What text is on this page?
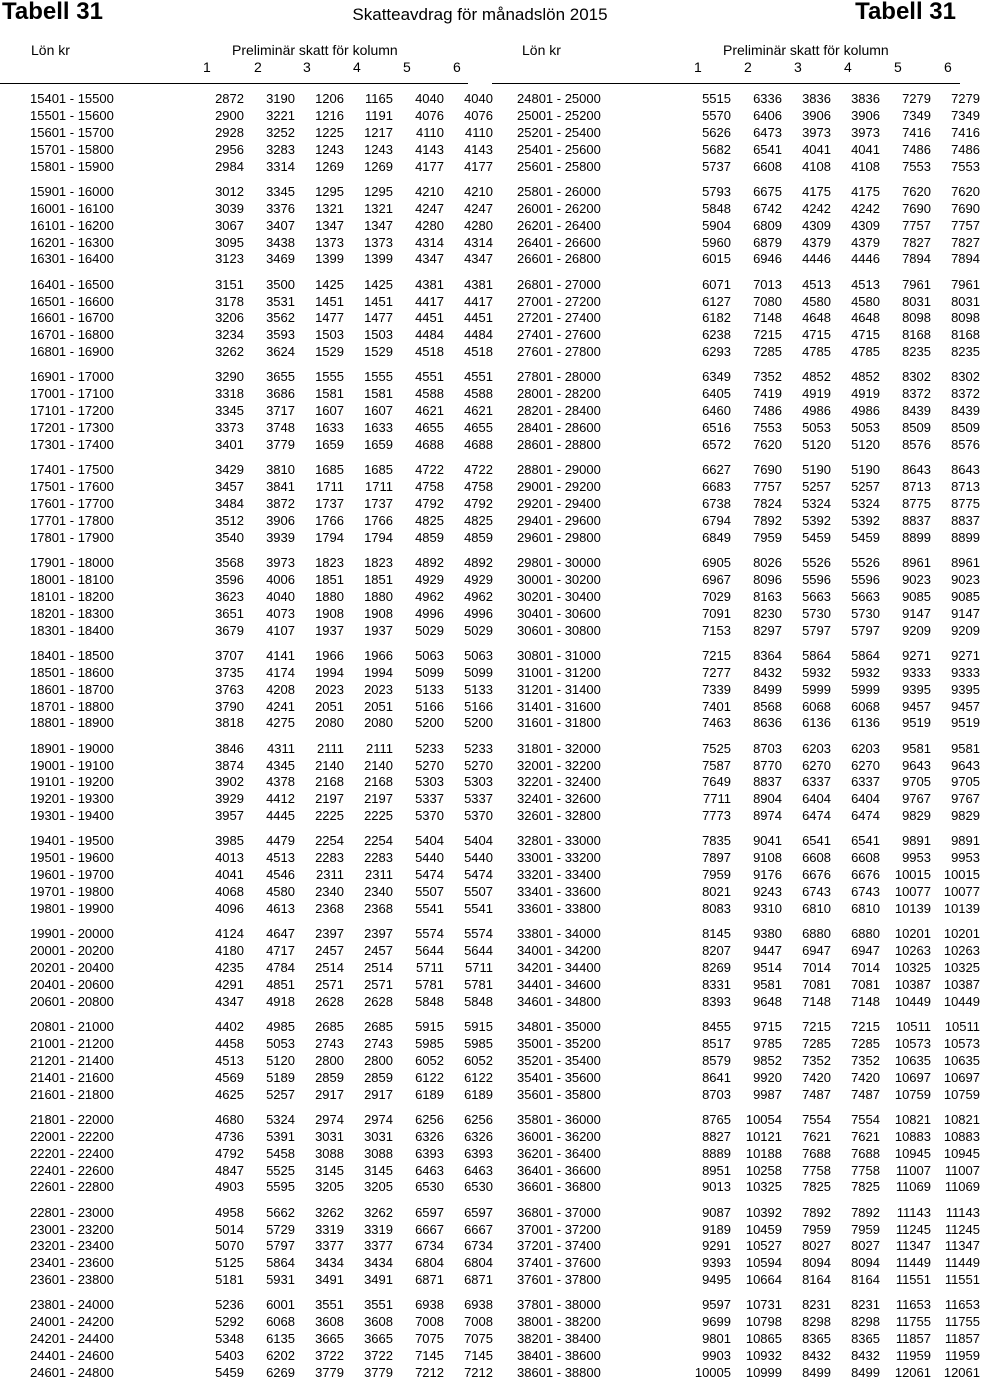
Tabell 31	Skatteavdrag för månadslön 2015	Tabell 31
Lön kr	Preliminär skatt för kolumn
1	2	3	4	5	6
Lön kr	Preliminär skatt för kolumn
1	2	3	4	5	6
15401 - 15500	2872 3190 1206 1165 4040 4040
15501 - 15600	2900 3221 1216 1191 4076 4076
15601 - 15700	2928 3252 1225 1217 4110 4110
15701 - 15800	2956 3283 1243 1243 4143 4143
15801 - 15900	2984 3314 1269 1269 4177 4177
15901 - 16000	3012 3345 1295 1295 4210 4210
16001 - 16100	3039 3376 1321 1321 4247 4247
16101 - 16200	3067 3407 1347 1347 4280 4280
16201 - 16300	3095 3438 1373 1373 4314 4314
16301 - 16400	3123 3469 1399 1399 4347 4347
16401 - 16500	3151 3500 1425 1425 4381 4381
16501 - 16600	3178 3531 1451 1451 4417 4417
16601 - 16700	3206 3562 1477 1477 4451 4451
16701 - 16800	3234 3593 1503 1503 4484 4484
16801 - 16900	3262 3624 1529 1529 4518 4518
16901 - 17000	3290 3655 1555 1555 4551 4551
17001 - 17100	3318 3686 1581 1581 4588 4588
17101 - 17200	3345 3717 1607 1607 4621 4621
17201 - 17300	3373 3748 1633 1633 4655 4655
17301 - 17400	3401 3779 1659 1659 4688 4688
17401 - 17500	3429 3810 1685 1685 4722 4722
17501 - 17600	3457 3841 1711 1711 4758 4758
17601 - 17700	3484 3872 1737 1737 4792 4792
17701 - 17800	3512 3906 1766 1766 4825 4825
17801 - 17900	3540 3939 1794 1794 4859 4859
17901 - 18000	3568 3973 1823 1823 4892 4892
18001 - 18100	3596 4006 1851 1851 4929 4929
18101 - 18200	3623 4040 1880 1880 4962 4962
18201 - 18300	3651 4073 1908 1908 4996 4996
18301 - 18400	3679 4107 1937 1937 5029 5029
18401 - 18500	3707 4141 1966 1966 5063 5063
18501 - 18600	3735 4174 1994 1994 5099 5099
18601 - 18700	3763 4208 2023 2023 5133 5133
18701 - 18800	3790 4241 2051 2051 5166 5166
18801 - 18900	3818 4275 2080 2080 5200 5200
18901 - 19000	3846 4311 2111 2111 5233 5233
19001 - 19100	3874 4345 2140 2140 5270 5270
19101 - 19200	3902 4378 2168 2168 5303 5303
19201 - 19300	3929 4412 2197 2197 5337 5337
19301 - 19400	3957 4445 2225 2225 5370 5370
19401 - 19500	3985 4479 2254 2254 5404 5404
19501 - 19600	4013 4513 2283 2283 5440 5440
19601 - 19700	4041 4546 2311 2311 5474 5474
19701 - 19800	4068 4580 2340 2340 5507 5507
19801 - 19900	4096 4613 2368 2368 5541 5541
19901 - 20000	4124 4647 2397 2397 5574 5574
20001 - 20200	4180 4717 2457 2457 5644 5644
20201 - 20400	4235 4784 2514 2514 5711 5711
20401 - 20600	4291 4851 2571 2571 5781 5781
20601 - 20800	4347 4918 2628 2628 5848 5848
20801 - 21000	4402 4985 2685 2685 5915 5915
21001 - 21200	4458 5053 2743 2743 5985 5985
21201 - 21400	4513 5120 2800 2800 6052 6052
21401 - 21600	4569 5189 2859 2859 6122 6122
21601 - 21800	4625 5257 2917 2917 6189 6189
21801 - 22000	4680 5324 2974 2974 6256 6256
22001 - 22200	4736 5391 3031 3031 6326 6326
22201 - 22400	4792 5458 3088 3088 6393 6393
22401 - 22600	4847 5525 3145 3145 6463 6463
22601 - 22800	4903 5595 3205 3205 6530 6530
22801 - 23000	4958 5662 3262 3262 6597 6597
23001 - 23200	5014 5729 3319 3319 6667 6667
23201 - 23400	5070 5797 3377 3377 6734 6734
23401 - 23600	5125 5864 3434 3434 6804 6804
23601 - 23800	5181 5931 3491 3491 6871 6871
23801 - 24000	5236 6001 3551 3551 6938 6938
24001 - 24200	5292 6068 3608 3608 7008 7008
24201 - 24400	5348 6135 3665 3665 7075 7075
24401 - 24600	5403 6202 3722 3722 7145 7145
24601 - 24800	5459 6269 3779 3779 7212 7212
24801 - 25000	5515 6336 3836 3836 7279 7279
25001 - 25200	5570 6406 3906 3906 7349 7349
25201 - 25400	5626 6473 3973 3973 7416 7416
25401 - 25600	5682 6541 4041 4041 7486 7486
25601 - 25800	5737 6608 4108 4108 7553 7553
25801 - 26000	5793 6675 4175 4175 7620 7620
26001 - 26200	5848 6742 4242 4242 7690 7690
26201 - 26400	5904 6809 4309 4309 7757 7757
26401 - 26600	5960 6879 4379 4379 7827 7827
26601 - 26800	6015 6946 4446 4446 7894 7894
26801 - 27000	6071 7013 4513 4513 7961 7961
27001 - 27200	6127 7080 4580 4580 8031 8031
27201 - 27400	6182 7148 4648 4648 8098 8098
27401 - 27600	6238 7215 4715 4715 8168 8168
27601 - 27800	6293 7285 4785 4785 8235 8235
27801 - 28000	6349 7352 4852 4852 8302 8302
28001 - 28200	6405 7419 4919 4919 8372 8372
28201 - 28400	6460 7486 4986 4986 8439 8439
28401 - 28600	6516 7553 5053 5053 8509 8509
28601 - 28800	6572 7620 5120 5120 8576 8576
28801 - 29000	6627 7690 5190 5190 8643 8643
29001 - 29200	6683 7757 5257 5257 8713 8713
29201 - 29400	6738 7824 5324 5324 8775 8775
29401 - 29600	6794 7892 5392 5392 8837 8837
29601 - 29800	6849 7959 5459 5459 8899 8899
29801 - 30000	6905 8026 5526 5526 8961 8961
30001 - 30200	6967 8096 5596 5596 9023 9023
30201 - 30400	7029 8163 5663 5663 9085 9085
30401 - 30600	7091 8230 5730 5730 9147 9147
30601 - 30800	7153 8297 5797 5797 9209 9209
30801 - 31000	7215 8364 5864 5864 9271 9271
31001 - 31200	7277 8432 5932 5932 9333 9333
31201 - 31400	7339 8499 5999 5999 9395 9395
31401 - 31600	7401 8568 6068 6068 9457 9457
31601 - 31800	7463 8636 6136 6136 9519 9519
31801 - 32000	7525 8703 6203 6203 9581 9581
32001 - 32200	7587 8770 6270 6270 9643 9643
32201 - 32400	7649 8837 6337 6337 9705 9705
32401 - 32600	7711 8904 6404 6404 9767 9767
32601 - 32800	7773 8974 6474 6474 9829 9829
32801 - 33000	7835 9041 6541 6541 9891 9891
33001 - 33200	7897 9108 6608 6608 9953 9953
33201 - 33400	7959 9176 6676 6676 10015 10015
33401 - 33600	8021 9243 6743 6743 10077 10077
33601 - 33800	8083 9310 6810 6810 10139 10139
33801 - 34000	8145 9380 6880 6880 10201 10201
34001 - 34200	8207 9447 6947 6947 10263 10263
34201 - 34400	8269 9514 7014 7014 10325 10325
34401 - 34600	8331 9581 7081 7081 10387 10387
34601 - 34800	8393 9648 7148 7148 10449 10449
34801 - 35000	8455 9715 7215 7215 10511 10511
35001 - 35200	8517 9785 7285 7285 10573 10573
35201 - 35400	8579 9852 7352 7352 10635 10635
35401 - 35600	8641 9920 7420 7420 10697 10697
35601 - 35800	8703 9987 7487 7487 10759 10759
35801 - 36000	8765 10054 7554 7554 10821 10821
36001 - 36200	8827 10121 7621 7621 10883 10883
36201 - 36400	8889 10188 7688 7688 10945 10945
36401 - 36600	8951 10258 7758 7758 11007 11007
36601 - 36800	9013 10325 7825 7825 11069 11069
36801 - 37000	9087 10392 7892 7892 11143 11143
37001 - 37200	9189 10459 7959 7959 11245 11245
37201 - 37400	9291 10527 8027 8027 11347 11347
37401 - 37600	9393 10594 8094 8094 11449 11449
37601 - 37800	9495 10664 8164 8164 11551 11551
37801 - 38000	9597 10731 8231 8231 11653 11653
38001 - 38200	9699 10798 8298 8298 11755 11755
38201 - 38400	9801 10865 8365 8365 11857 11857
38401 - 38600	9903 10932 8432 8432 11959 11959
38601 - 38800	10005 10999 8499 8499 12061 12061
